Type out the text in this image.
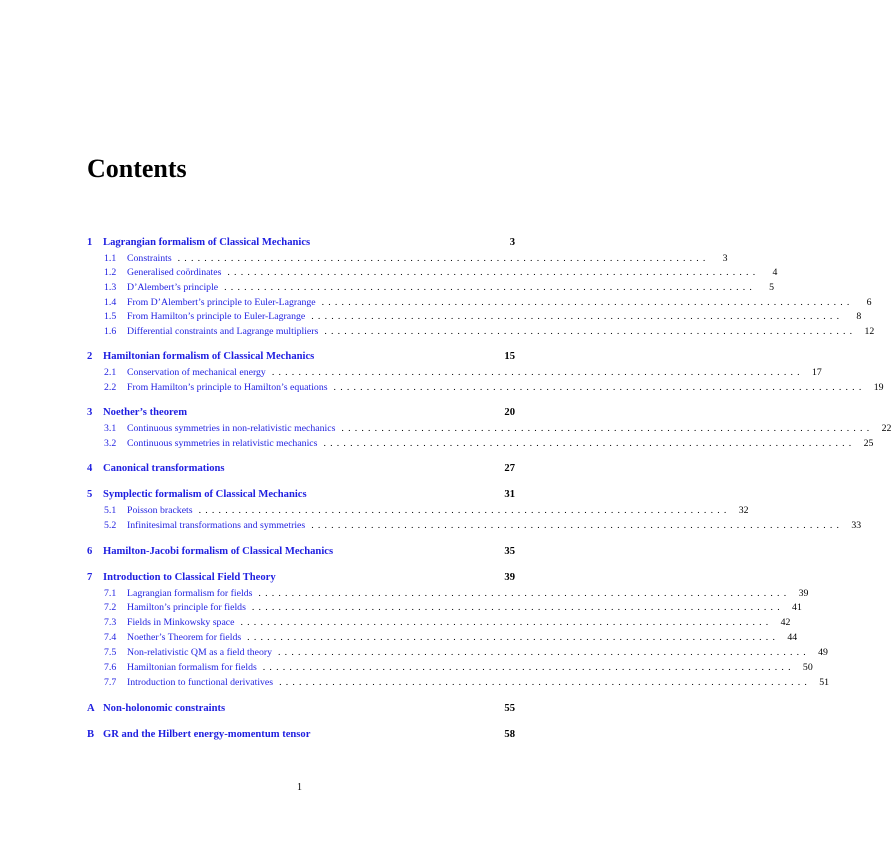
Contents
1	Lagrangian formalism of Classical Mechanics	3
1.1	Constraints ................................................................................	3
1.2	Generalised coördinates ................................................................................	4
1.3	D’Alembert’s principle ................................................................................	5
1.4	From D’Alembert’s principle to Euler-Lagrange ................................................................................	6
1.5	From Hamilton’s principle to Euler-Lagrange ................................................................................	8
1.6	Differential constraints and Lagrange multipliers ................................................................................ 12
2	Hamiltonian formalism of Classical Mechanics	15
2.1	Conservation of mechanical energy ................................................................................ 17
2.2	From Hamilton’s principle to Hamilton’s equations ................................................................................ 19
3	Noether’s theorem	20
3.1	Continuous symmetries in non-relativistic mechanics ................................................................................ 22
3.2	Continuous symmetries in relativistic mechanics ................................................................................ 25
4	Canonical transformations	27
5	Symplectic formalism of Classical Mechanics	31
5.1	Poisson brackets ................................................................................ 32
5.2	Infinitesimal transformations and symmetries ................................................................................ 33
6	Hamilton-Jacobi formalism of Classical Mechanics	35
7	Introduction to Classical Field Theory	39
7.1	Lagrangian formalism for fields ................................................................................ 39
7.2	Hamilton’s principle for fields ................................................................................ 41
7.3	Fields in Minkowsky space ................................................................................ 42
7.4	Noether’s Theorem for fields ................................................................................ 44
7.5	Non-relativistic QM as a field theory ................................................................................ 49
7.6	Hamiltonian formalism for fields ................................................................................ 50
7.7	Introduction to functional derivatives ................................................................................ 51
A Non-holonomic constraints	55
B GR and the Hilbert energy-momentum tensor	58
1
